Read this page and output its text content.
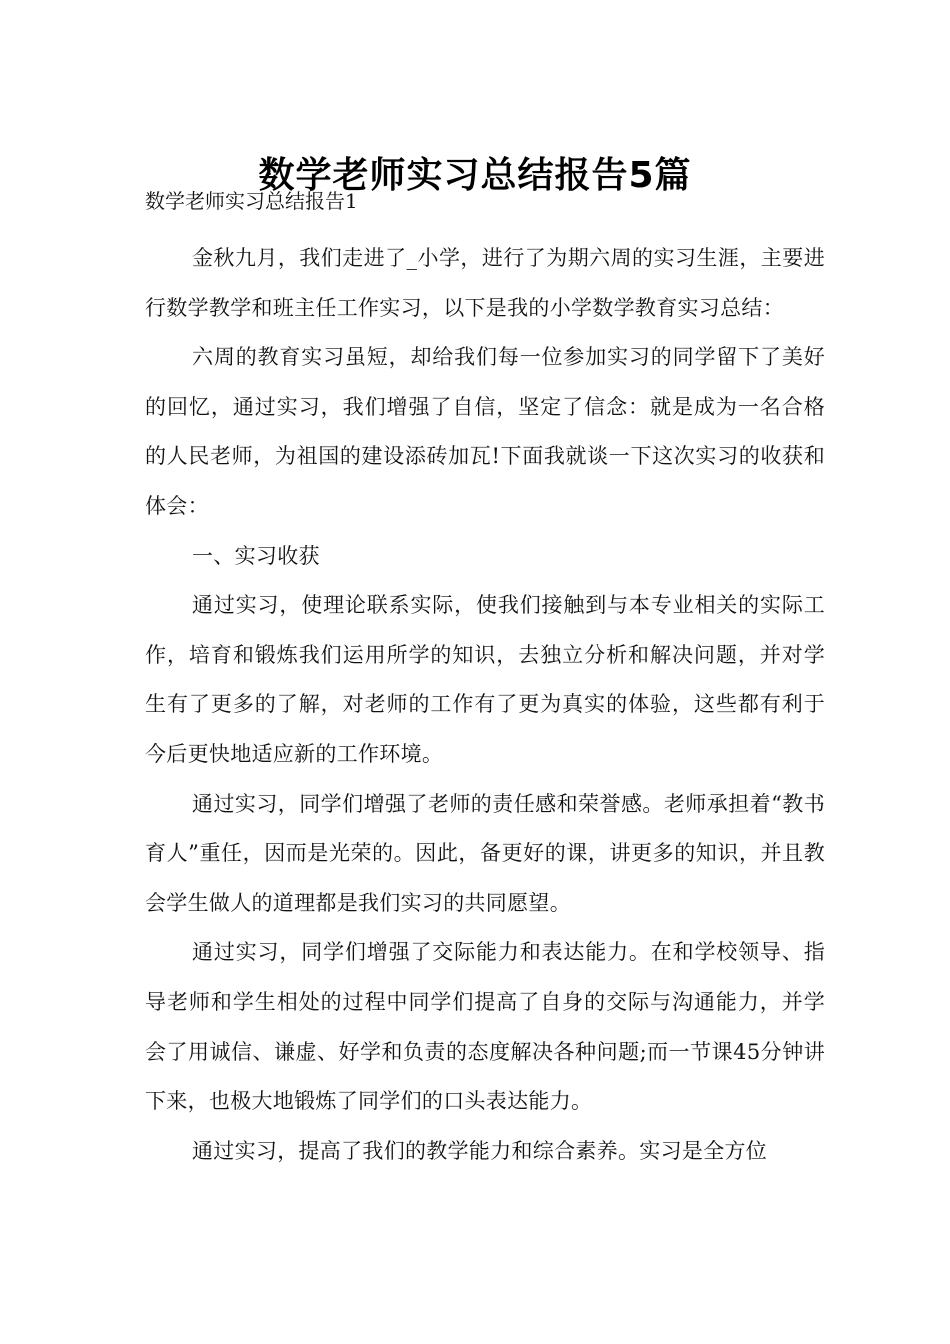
数学老师实习总结报告5篇
数学老师实习总结报告1

金秋九月，我们走进了_小学，进行了为期六周的实习生涯，主要进行数学教学和班主任工作实习，以下是我的小学数学教育实习总结：

六周的教育实习虽短，却给我们每一位参加实习的同学留下了美好的回忆，通过实习，我们增强了自信，坚定了信念：就是成为一名合格的人民老师，为祖国的建设添砖加瓦!下面我就谈一下这次实习的收获和体会：

一、实习收获

通过实习，使理论联系实际，使我们接触到与本专业相关的实际工作，培育和锻炼我们运用所学的知识，去独立分析和解决问题，并对学生有了更多的了解，对老师的工作有了更为真实的体验，这些都有利于今后更快地适应新的工作环境。

通过实习，同学们增强了老师的责任感和荣誉感。老师承担着“教书育人”重任，因而是光荣的。因此，备更好的课，讲更多的知识，并且教会学生做人的道理都是我们实习的共同愿望。

通过实习，同学们增强了交际能力和表达能力。在和学校领导、指导老师和学生相处的过程中同学们提高了自身的交际与沟通能力，并学会了用诚信、谦虚、好学和负责的态度解决各种问题;而一节课45分钟讲下来，也极大地锻炼了同学们的口头表达能力。

通过实习，提高了我们的教学能力和综合素养。实习是全方位
